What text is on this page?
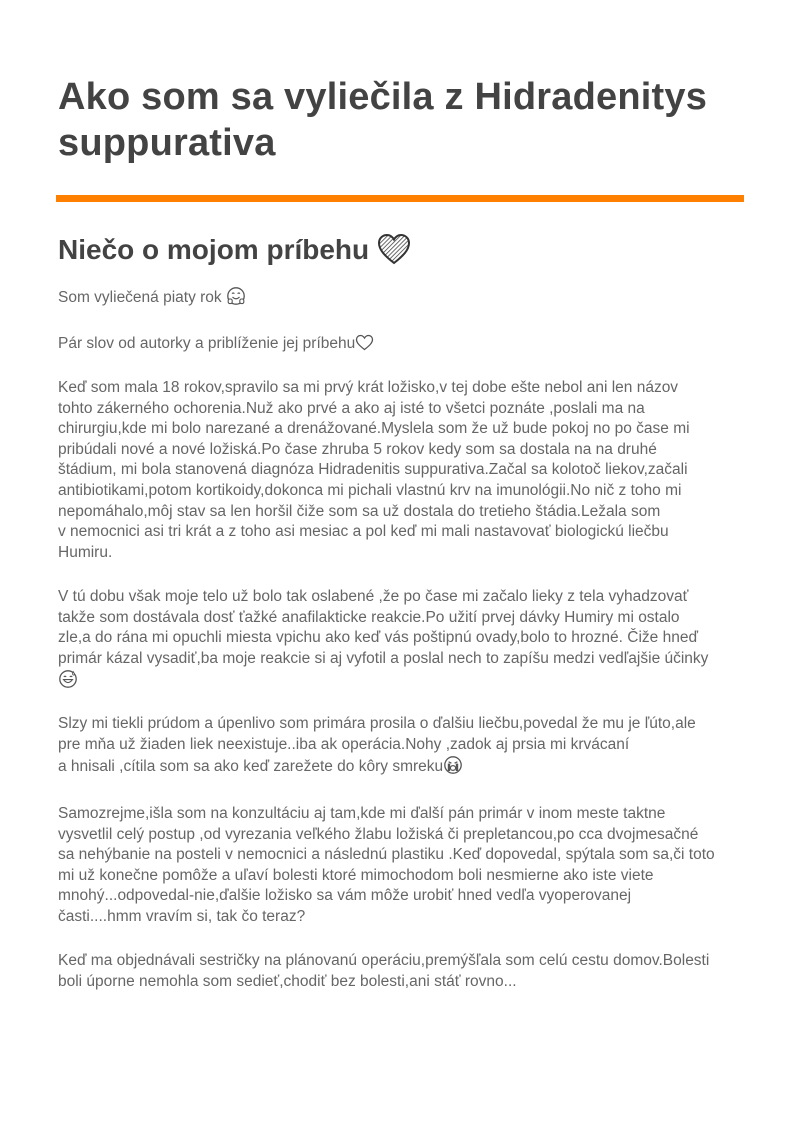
Ako som sa vyliečila z Hidradenitys suppurativa
Niečo o mojom príbehu

Som vyliečená piaty rok

Pár slov od autorky a priblíženie jej príbehu

Keď som mala 18 rokov,spravilo sa mi prvý krát ložisko,v tej dobe ešte nebol ani len názov
tohto zákerného ochorenia.Nuž ako prvé a ako aj isté to všetci poznáte ,poslali ma na
chirurgiu,kde mi bolo narezané a drenážované.Myslela som že už bude pokoj no po čase mi
pribúdali nové a nové ložiská.Po čase zhruba 5 rokov kedy som sa dostala na na druhé
štádium, mi bola stanovená diagnóza Hidradenitis suppurativa.Začal sa kolotoč liekov,začali
antibiotikami,potom kortikoidy,dokonca mi pichali vlastnú krv na imunológii.No nič z toho mi
nepomáhalo,môj stav sa len horšil čiže som sa už dostala do tretieho štádia.Ležala som
v nemocnici asi tri krát a z toho asi mesiac a pol keď mi mali nastavovať biologickú liečbu
Humiru.

V tú dobu však moje telo už bolo tak oslabené ,že po čase mi začalo lieky z tela vyhadzovať
takže som dostávala dosť ťažké anafilakticke reakcie.Po užití prvej dávky Humiry mi ostalo
zle,a do rána mi opuchli miesta vpichu ako keď vás poštipnú ovady,bolo to hrozné. Čiže hneď
primár kázal vysadiť,ba moje reakcie si aj vyfotil a poslal nech to zapíšu medzi vedľajšie účinky

Slzy mi tiekli prúdom a úpenlivo som primára prosila o ďalšiu liečbu,povedal že mu je ľúto,ale
pre mňa už žiaden liek neexistuje..iba ak operácia.Nohy ,zadok aj prsia mi krvácaní
a hnisali ,cítila som sa ako keď zarežete do kôry smreku

Samozrejme,išla som na konzultáciu aj tam,kde mi ďalší pán primár v inom meste taktne
vysvetlil celý postup ,od vyrezania veľkého žlabu ložiská či prepletancou,po cca dvojmesačné
sa nehýbanie na posteli v nemocnici a následnú plastiku .Keď dopovedal, spýtala som sa,či toto
mi už konečne pomôže a uľaví bolesti ktoré mimochodom boli nesmierne ako iste viete
mnohý...odpovedal-nie,ďalšie ložisko sa vám môže urobiť hned vedľa vyoperovanej
časti....hmm vravím si, tak čo teraz?

Keď ma objednávali sestričky na plánovanú operáciu,premýšľala som celú cestu domov.Bolesti
boli úporne nemohla som sedieť,chodiť bez bolesti,ani stáť rovno...
